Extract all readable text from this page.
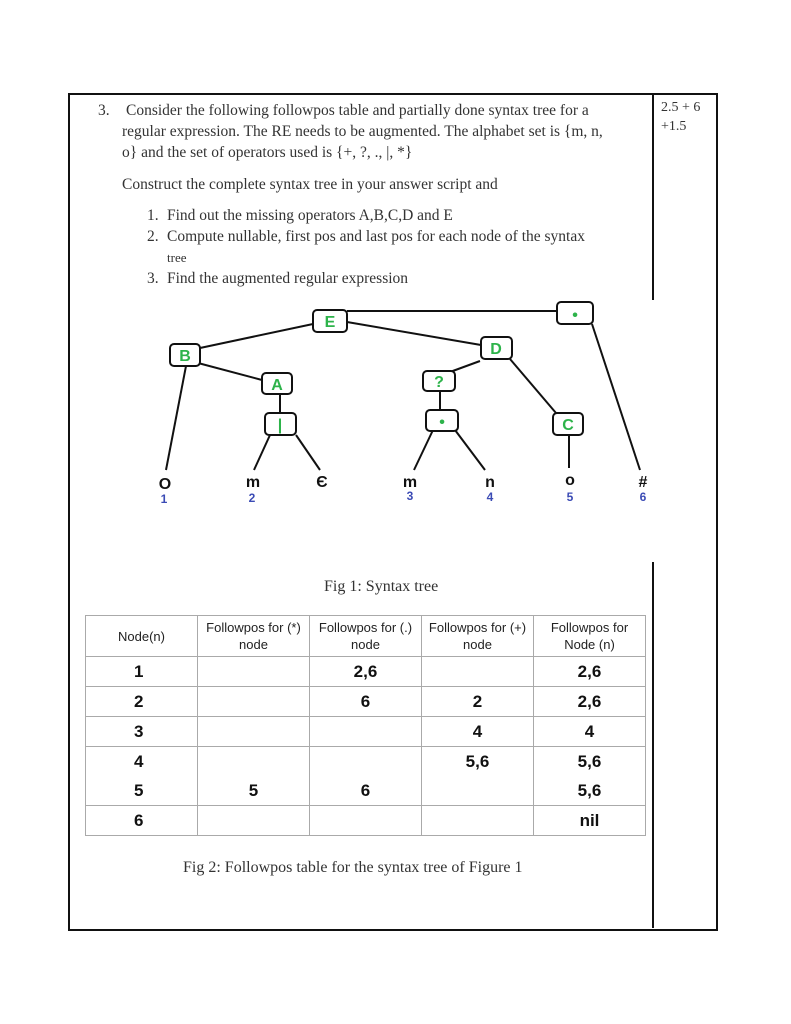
3. Consider the following followpos table and partially done syntax tree for a
regular expression. The RE needs to be augmented. The alphabet set is {m, n,
o} and the set of operators used is {+, ?, ., |, *}
Construct the complete syntax tree in your answer script and
1. Find out the missing operators A,B,C,D and E
2. Compute nullable, first pos and last pos for each node of the syntax
tree
3. Find the augmented regular expression
2.5 + 6
+1.5
E	•
B	D
A	?
|	•	C
O	m	Є	m	n	o	#
1	2	3	4	5	6
Fig 1: Syntax tree
Node(n)	Followpos for (*) node	Followpos for (.) node	Followpos for (+) node	Followpos for Node (n)
1		2,6		2,6
2		6	2	2,6
3			4	4
4			5,6	5,6
5	5	6		5,6
6				nil
Fig 2: Followpos table for the syntax tree of Figure 1
